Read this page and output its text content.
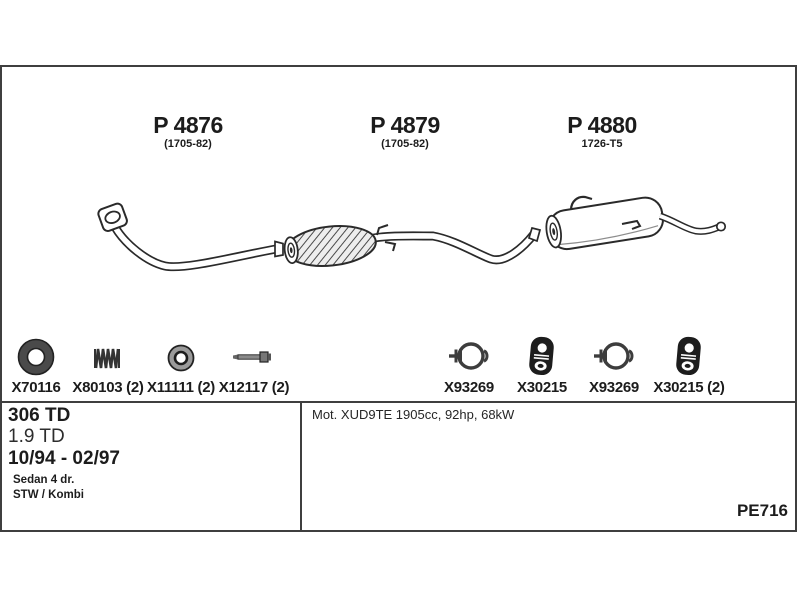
P 4876
(1705-82)
P 4879
(1705-82)
P 4880
1726-T5
X70116 X80103 (2) X11111 (2) X12117 (2)	X93269	X30215	X93269 X30215 (2)
306 TD
1.9 TD
10/94 - 02/97
Sedan 4 dr.
STW / Kombi
Mot. XUD9TE 1905cc, 92hp, 68kW
PE716
